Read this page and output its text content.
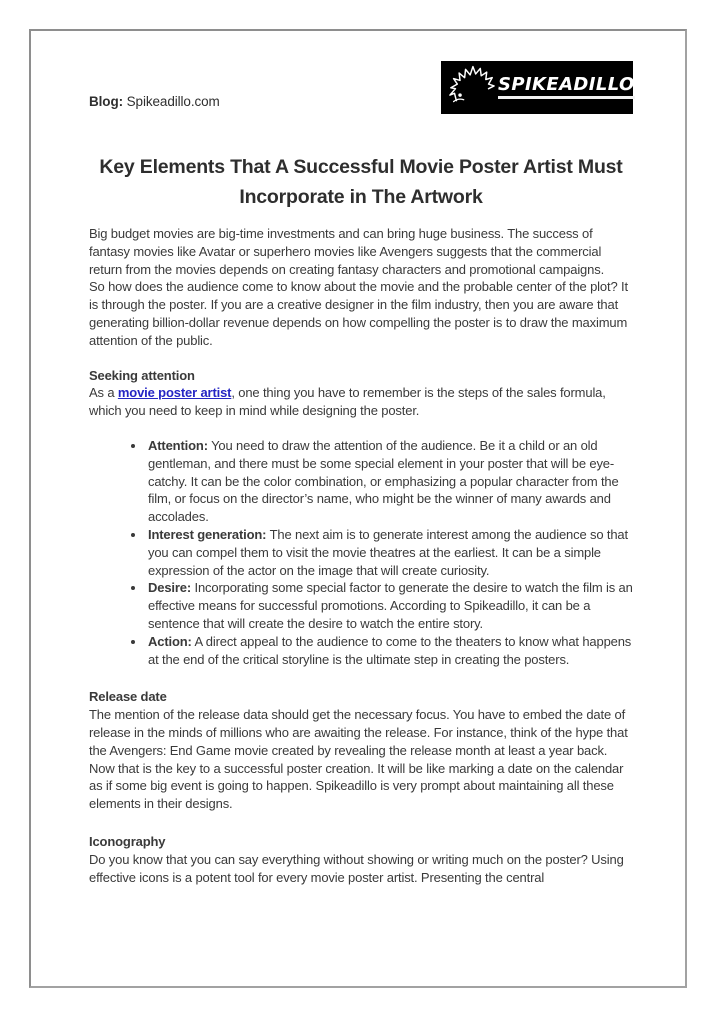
Blog: Spikeadillo.com
SPIKEADILLO
Key Elements That A Successful Movie Poster Artist Must
Incorporate in The Artwork

Big budget movies are big-time investments and can bring huge business. The success of fantasy movies like Avatar or superhero movies like Avengers suggests that the commercial return from the movies depends on creating fantasy characters and promotional campaigns.

So how does the audience come to know about the movie and the probable center of the plot? It is through the poster. If you are a creative designer in the film industry, then you are aware that generating billion-dollar revenue depends on how compelling the poster is to draw the maximum attention of the public.

Seeking attention

As a movie poster artist, one thing you have to remember is the steps of the sales formula, which you need to keep in mind while designing the poster.

• Attention: You need to draw the attention of the audience. Be it a child or an old gentleman, and there must be some special element in your poster that will be eye-catchy. It can be the color combination, or emphasizing a popular character from the film, or focus on the director’s name, who might be the winner of many awards and accolades.
• Interest generation: The next aim is to generate interest among the audience so that you can compel them to visit the movie theatres at the earliest. It can be a simple expression of the actor on the image that will create curiosity.
• Desire: Incorporating some special factor to generate the desire to watch the film is an effective means for successful promotions. According to Spikeadillo, it can be a sentence that will create the desire to watch the entire story.
• Action: A direct appeal to the audience to come to the theaters to know what happens at the end of the critical storyline is the ultimate step in creating the posters.

Release date

The mention of the release data should get the necessary focus. You have to embed the date of release in the minds of millions who are awaiting the release. For instance, think of the hype that the Avengers: End Game movie created by revealing the release month at least a year back. Now that is the key to a successful poster creation. It will be like marking a date on the calendar as if some big event is going to happen. Spikeadillo is very prompt about maintaining all these elements in their designs.

Iconography

Do you know that you can say everything without showing or writing much on the poster? Using effective icons is a potent tool for every movie poster artist. Presenting the central
